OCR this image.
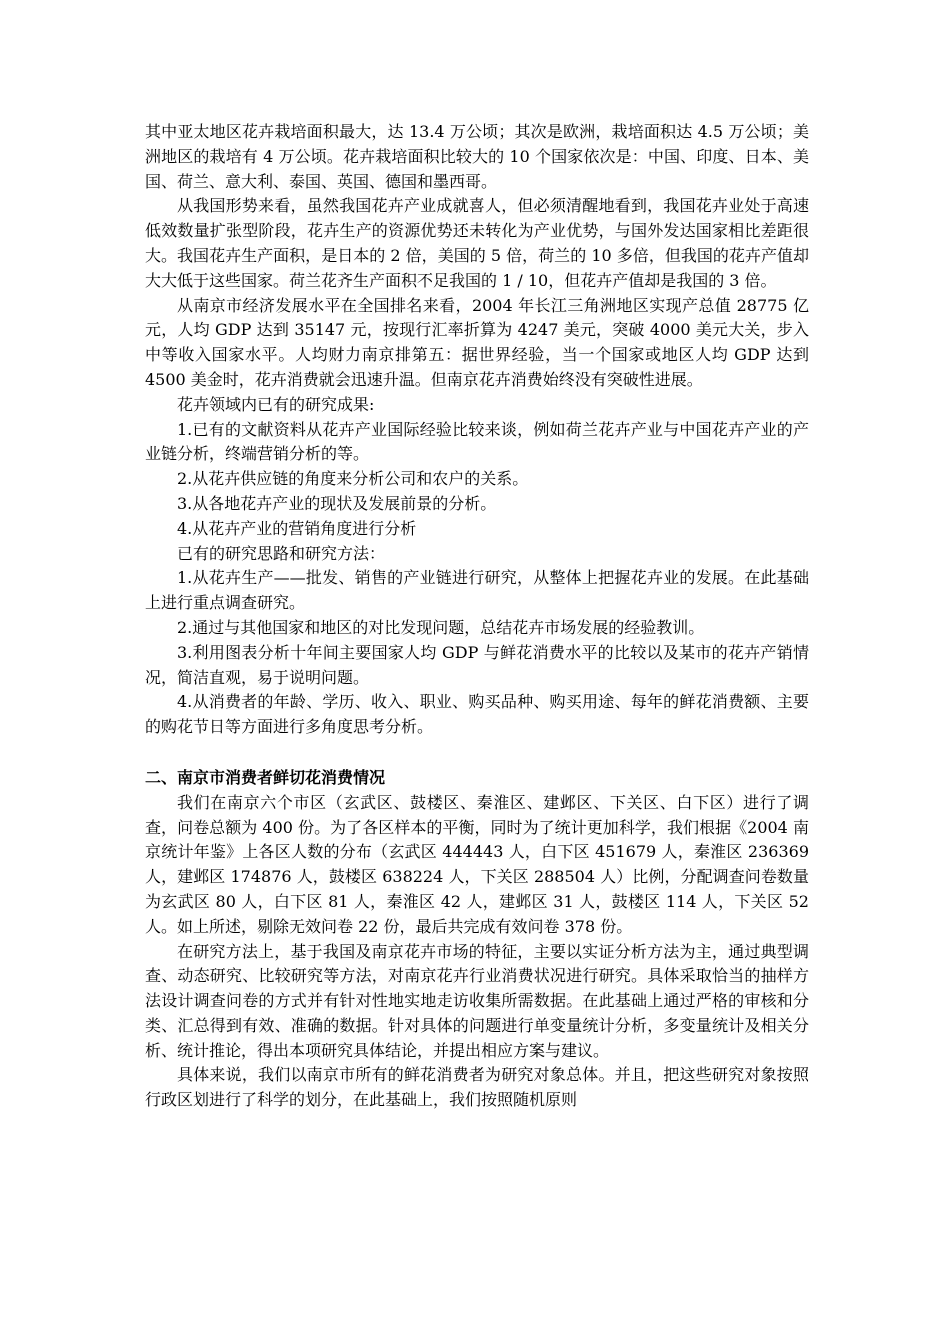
其中亚太地区花卉栽培面积最大，达 13.4 万公顷；其次是欧洲，栽培面积达 4.5 万公顷；美洲地区的栽培有 4 万公顷。花卉栽培面积比较大的 10 个国家依次是：中国、印度、日本、美国、荷兰、意大利、泰国、英国、德国和墨西哥。

从我国形势来看，虽然我国花卉产业成就喜人，但必须清醒地看到，我国花卉业处于高速低效数量扩张型阶段，花卉生产的资源优势还未转化为产业优势，与国外发达国家相比差距很大。我国花卉生产面积，是日本的 2 倍，美国的 5 倍，荷兰的 10 多倍，但我国的花卉产值却大大低于这些国家。荷兰花齐生产面积不足我国的 1 / 10，但花卉产值却是我国的 3 倍。

从南京市经济发展水平在全国排名来看，2004 年长江三角洲地区实现产总值 28775 亿元，人均 GDP 达到 35147 元，按现行汇率折算为 4247 美元，突破 4000 美元大关，步入中等收入国家水平。人均财力南京排第五：据世界经验，当一个国家或地区人均 GDP 达到 4500 美金时，花卉消费就会迅速升温。但南京花卉消费始终没有突破性进展。

花卉领域内已有的研究成果:

1.已有的文献资料从花卉产业国际经验比较来谈，例如荷兰花卉产业与中国花卉产业的产业链分析，终端营销分析的等。

2.从花卉供应链的角度来分析公司和农户的关系。

3.从各地花卉产业的现状及发展前景的分析。

4.从花卉产业的营销角度进行分析

已有的研究思路和研究方法：

1.从花卉生产——批发、销售的产业链进行研究，从整体上把握花卉业的发展。在此基础上进行重点调查研究。

2.通过与其他国家和地区的对比发现问题，总结花卉市场发展的经验教训。

3.利用图表分析十年间主要国家人均 GDP 与鲜花消费水平的比较以及某市的花卉产销情况，简洁直观，易于说明问题。

4.从消费者的年龄、学历、收入、职业、购买品种、购买用途、每年的鲜花消费额、主要的购花节日等方面进行多角度思考分析。

二、南京市消费者鲜切花消费情况

我们在南京六个市区（玄武区、鼓楼区、秦淮区、建邺区、下关区、白下区）进行了调查，问卷总额为 400 份。为了各区样本的平衡，同时为了统计更加科学，我们根据《2004 南京统计年鉴》上各区人数的分布（玄武区 444443 人，白下区 451679 人，秦淮区 236369 人，建邺区 174876 人，鼓楼区 638224 人，下关区 288504 人）比例，分配调查问卷数量为玄武区 80 人，白下区 81 人，秦淮区 42 人，建邺区 31 人，鼓楼区 114 人，下关区 52 人。如上所述，剔除无效问卷 22 份，最后共完成有效问卷 378 份。

在研究方法上，基于我国及南京花卉市场的特征，主要以实证分析方法为主，通过典型调查、动态研究、比较研究等方法，对南京花卉行业消费状况进行研究。具体采取恰当的抽样方法设计调查问卷的方式并有针对性地实地走访收集所需数据。在此基础上通过严格的审核和分类、汇总得到有效、准确的数据。针对具体的问题进行单变量统计分析，多变量统计及相关分析、统计推论，得出本项研究具体结论，并提出相应方案与建议。

具体来说，我们以南京市所有的鲜花消费者为研究对象总体。并且，把这些研究对象按照行政区划进行了科学的划分，在此基础上，我们按照随机原则
